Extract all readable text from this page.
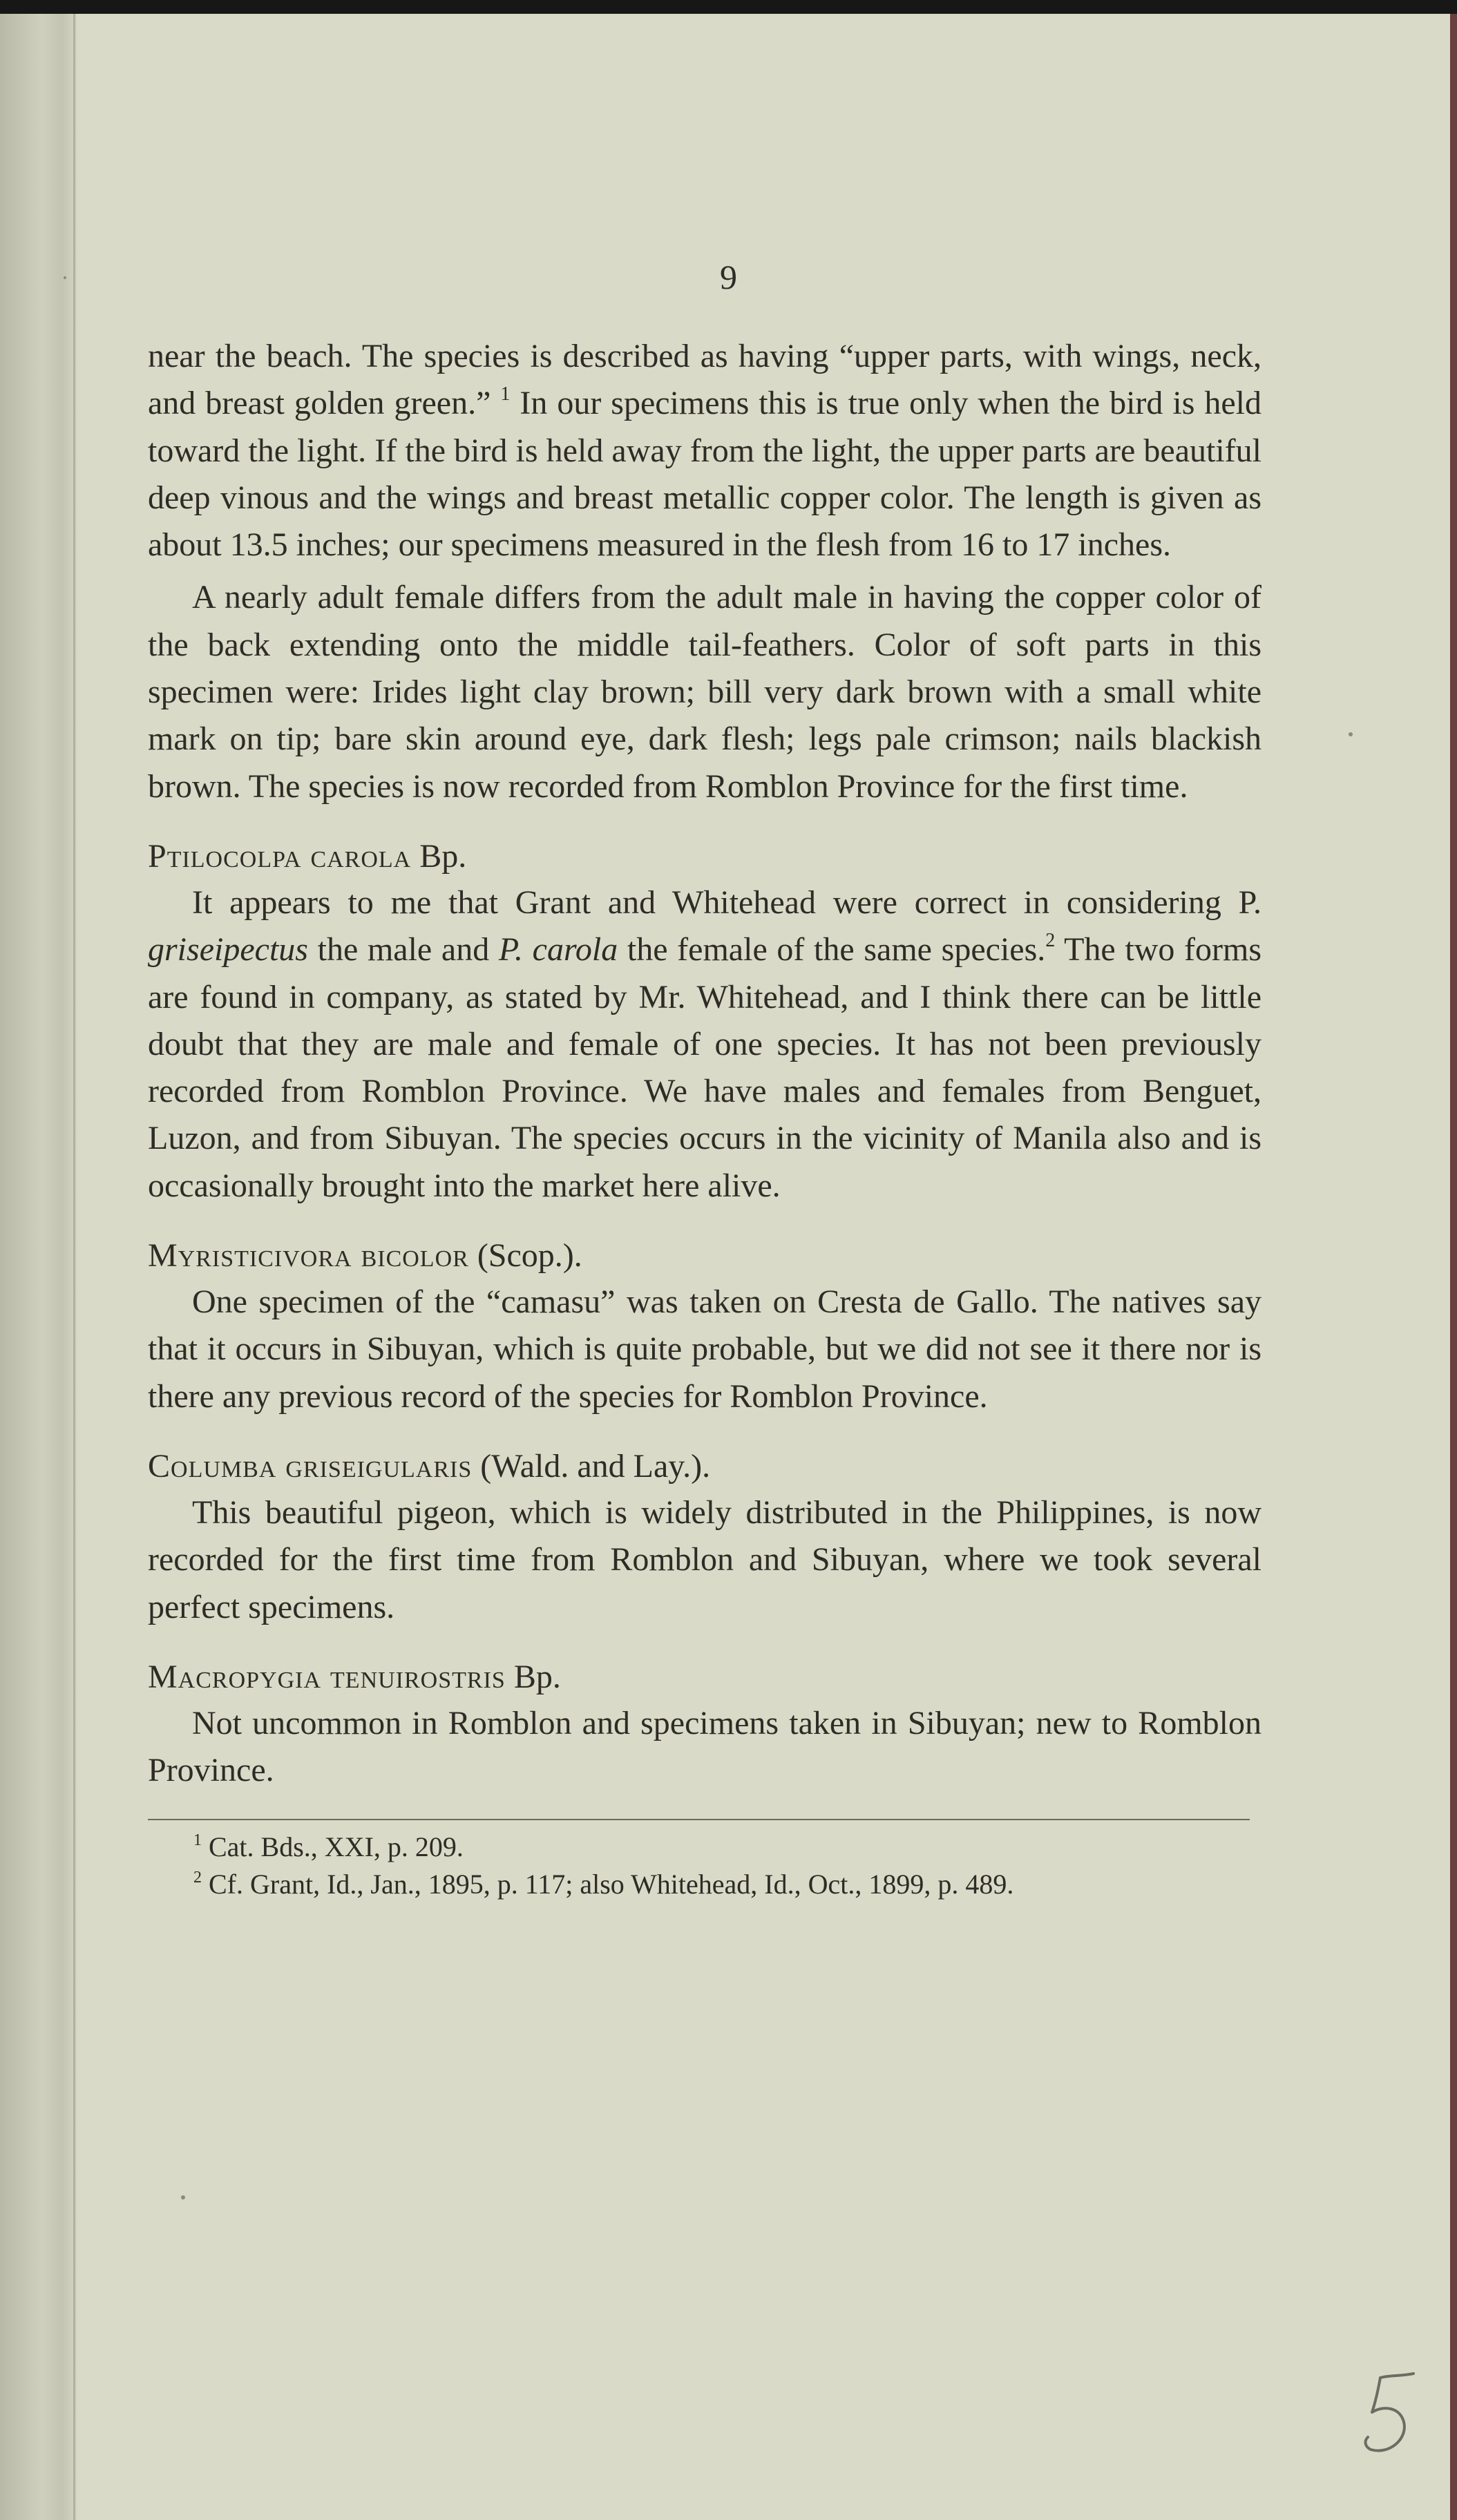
9

near the beach. The species is described as having “upper parts, with wings, neck, and breast golden green.” $^1$ In our specimens this is true only when the bird is held toward the light. If the bird is held away from the light, the upper parts are beautiful deep vinous and the wings and breast metallic copper color. The length is given as about 13.5 inches; our specimens measured in the flesh from 16 to 17 inches.

A nearly adult female differs from the adult male in having the copper color of the back extending onto the middle tail-feathers. Color of soft parts in this specimen were: Irides light clay brown; bill very dark brown with a small white mark on tip; bare skin around eye, dark flesh; legs pale crimson; nails blackish brown. The species is now recorded from Romblon Province for the first time.

Ptilocolpa carola Bp.

It appears to me that Grant and Whitehead were correct in considering P. griseipectus the male and P. carola the female of the same species.$^2$ The two forms are found in company, as stated by Mr. Whitehead, and I think there can be little doubt that they are male and female of one species. It has not been previously recorded from Romblon Province. We have males and females from Benguet, Luzon, and from Sibuyan. The species occurs in the vicinity of Manila also and is occasionally brought into the market here alive.

Myristicivora bicolor (Scop.).

One specimen of the “camasu” was taken on Cresta de Gallo. The natives say that it occurs in Sibuyan, which is quite probable, but we did not see it there nor is there any previous record of the species for Romblon Province.

Columba griseigularis (Wald. and Lay.).

This beautiful pigeon, which is widely distributed in the Philippines, is now recorded for the first time from Romblon and Sibuyan, where we took several perfect specimens.

Macropygia tenuirostris Bp.

Not uncommon in Romblon and specimens taken in Sibuyan; new to Romblon Province.

$^1$ Cat. Bds., XXI, p. 209.
$^2$ Cf. Grant, Id., Jan., 1895, p. 117; also Whitehead, Id., Oct., 1899, p. 489.
